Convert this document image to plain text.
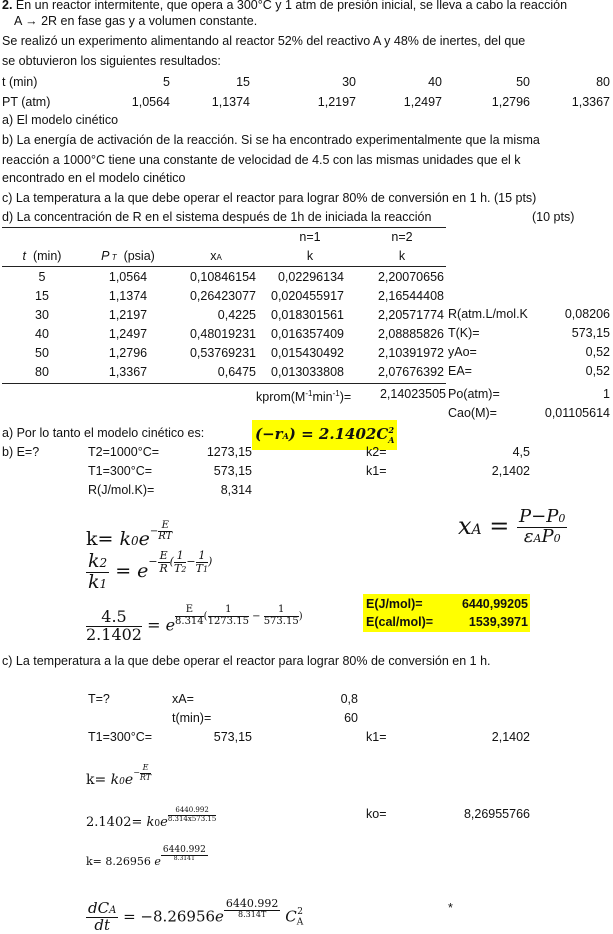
2. En un reactor intermitente, que opera a 300°C y 1 atm de presión inicial, se lleva a cabo la reacción
A → 2R en fase gas y a volumen constante.
Se realizó un experimento alimentando al reactor 52% del reactivo A y 48% de inertes, del que
se obtuvieron los siguientes resultados:
t (min)	5	15	30	40	50	80
PT (atm)	1,0564	1,1374	1,2197	1,2497	1,2796	1,3367
a) El modelo cinético
b) La energía de activación de la reacción. Si se ha encontrado experimentalmente que la misma
reacción a 1000°C tiene una constante de velocidad de 4.5 con las mismas unidades que el k
encontrado en el modelo cinético
c) La temperatura a la que debe operar el reactor para lograr 80% de conversión en 1 h. (15 pts)
d) La concentración de R en el sistema después de 1h de iniciada la reacción	(10 pts)
n=1	n=2
t  (min)	P T  (psia)	xA	k	k
5	1,0564	0,10846154	0,02296134	2,20070656
15	1,1374	0,26423077	0,020455917	2,16544408
30	1,2197	0,4225	0,018301561	2,20571774
40	1,2497	0,48019231	0,016357409	2,08885826
50	1,2796	0,53769231	0,015430492	2,10391972
80	1,3367	0,6475	0,013033808	2,07676392
R(atm.L/mol.K	0,08206
T(K)=	573,15
yAo=	0,52
EA=	0,52
$kprom(M^{-1}\min^{-1})=$	2,14023505 Po(atm)=	1
Cao(M)=	0,01105614
a) Por lo tanto el modelo cinético es:	$(-rA) = 2.1402C_A^2$
b) E=?	T2=1000°C=	1273,15	k2=	4,5
T1=300°C=	573,15	k1=	2,1402
R(J/mol.K)=	8,314
$k= k0e^{- \frac{E}{RT}}$
$\frac{k2}{k1} = e^{- \frac{E}{R} ( \frac{1}{T2} - \frac{1}{T1} )}$
$\frac{4.5}{2.1402} = e$ $^{\frac{E}{8.314} ( \frac{1}{1273.15} - \frac{1}{573.15} )}$
xA = $\frac{P-P0}{\text{εAP0}}$
E(J/mol)=	6440,99205
E(cal/mol)=	1539,3971
c) La temperatura a la que debe operar el reactor para lograr 80% de conversión en 1 h.
T=?	xA=	0,8
t(min)=	60
T1=300°C=	573,15	k1=	2,1402
$k= k0e^{- \frac{E}{RT}}$
2.1402= k0e $^{\frac{6440.992}{8.314x573.15}}$	ko=	8,26955766
k= 8.26956 e $^{\frac{6440.992}{8.314T}}$
$\frac{\text{dCA}}{dt} = -8.26956e$ $^{\frac{6440.992}{8.314T}}$ $C_A^2$	*
